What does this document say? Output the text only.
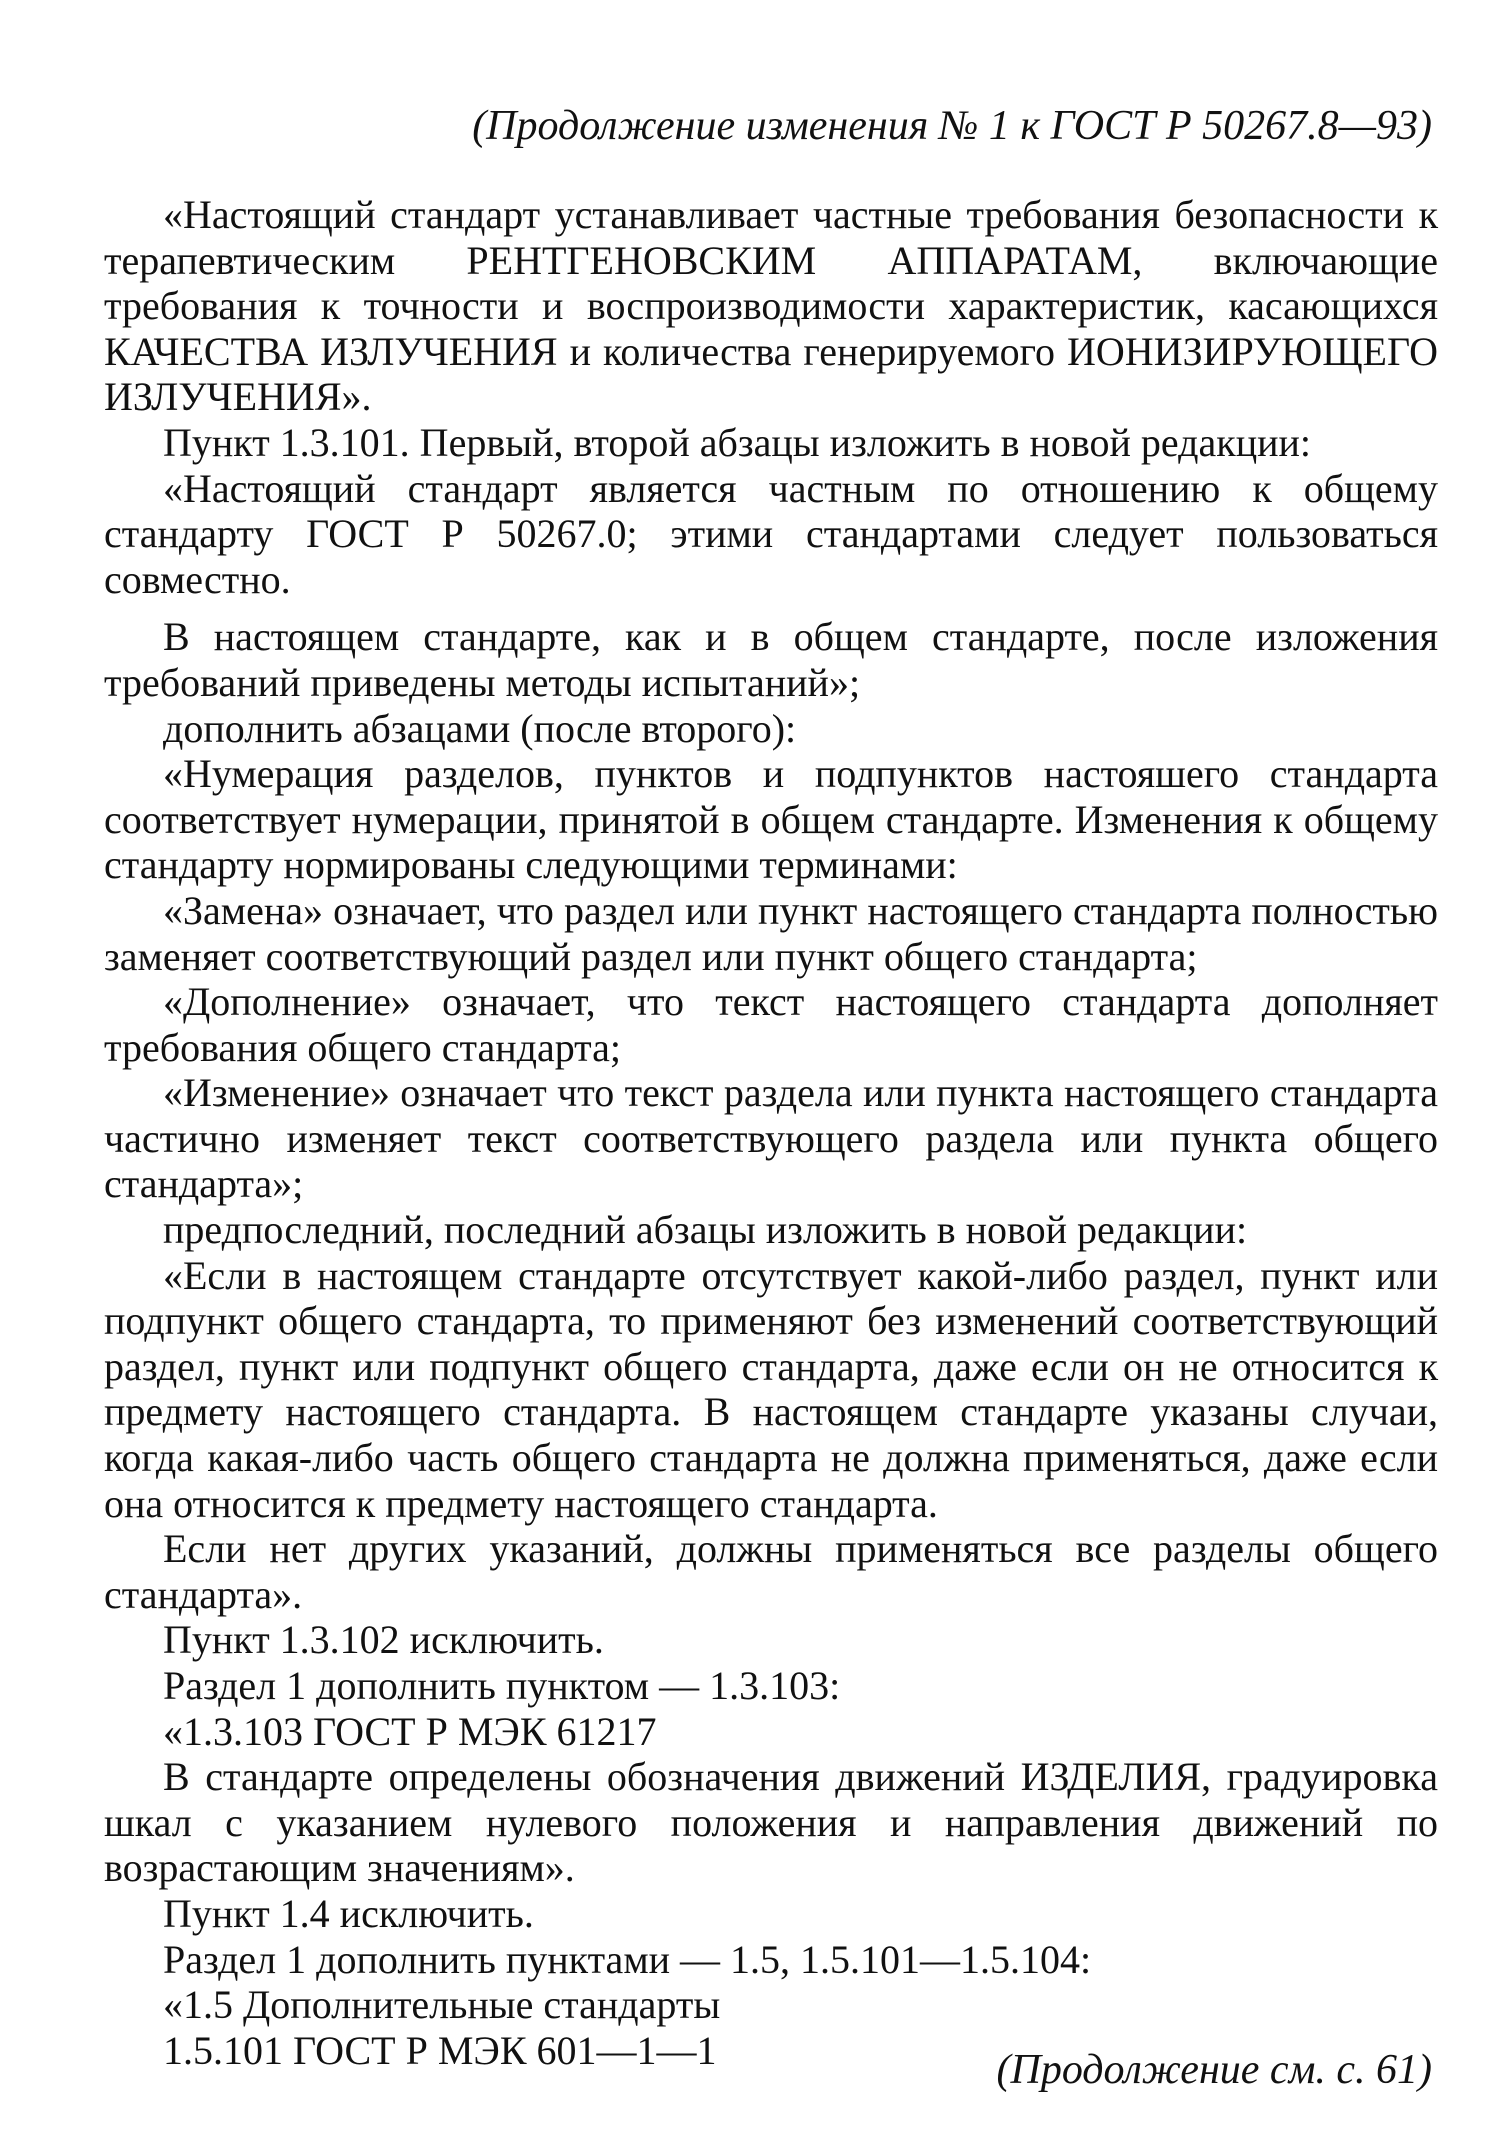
(Продолжение изменения № 1 к ГОСТ Р 50267.8—93)

«Настоящий стандарт устанавливает частные требования безопасности к терапевтическим РЕНТГЕНОВСКИМ АППАРАТАМ, включающие требования к точности и воспроизводимости характеристик, касающихся КАЧЕСТВА ИЗЛУЧЕНИЯ и количества генерируемого ИОНИЗИРУЮЩЕГО ИЗЛУЧЕНИЯ».

Пункт 1.3.101. Первый, второй абзацы изложить в новой редакции:

«Настоящий стандарт является частным по отношению к общему стандарту ГОСТ Р 50267.0; этими стандартами следует пользоваться совместно.

В настоящем стандарте, как и в общем стандарте, после изложения требований приведены методы испытаний»;

дополнить абзацами (после второго):

«Нумерация разделов, пунктов и подпунктов настояшего стандарта соответствует нумерации, принятой в общем стандарте. Изменения к общему стандарту нормированы следующими терминами:

«Замена» означает, что раздел или пункт настоящего стандарта полностью заменяет соответствующий раздел или пункт общего стандарта;

«Дополнение» означает, что текст настоящего стандарта дополняет требования общего стандарта;

«Изменение» означает что текст раздела или пункта настоящего стандарта частично изменяет текст соответствующего раздела или пункта общего стандарта»;

предпоследний, последний абзацы изложить в новой редакции:

«Если в настоящем стандарте отсутствует какой-либо раздел, пункт или подпункт общего стандарта, то применяют без изменений соответствующий раздел, пункт или подпункт общего стандарта, даже если он не относится к предмету настоящего стандарта. В настоящем стандарте указаны случаи, когда какая-либо часть общего стандарта не должна применяться, даже если она относится к предмету настоящего стандарта.

Если нет других указаний, должны применяться все разделы общего стандарта».

Пункт 1.3.102 исключить.

Раздел 1 дополнить пунктом — 1.3.103:

«1.3.103 ГОСТ Р МЭК 61217

В стандарте определены обозначения движений ИЗДЕЛИЯ, градуировка шкал с указанием нулевого положения и направления движений по возрастающим значениям».

Пункт 1.4 исключить.

Раздел 1 дополнить пунктами — 1.5, 1.5.101—1.5.104:

«1.5 Дополнительные стандарты

1.5.101 ГОСТ Р МЭК 601—1—1	(Продолжение см. с. 61)
